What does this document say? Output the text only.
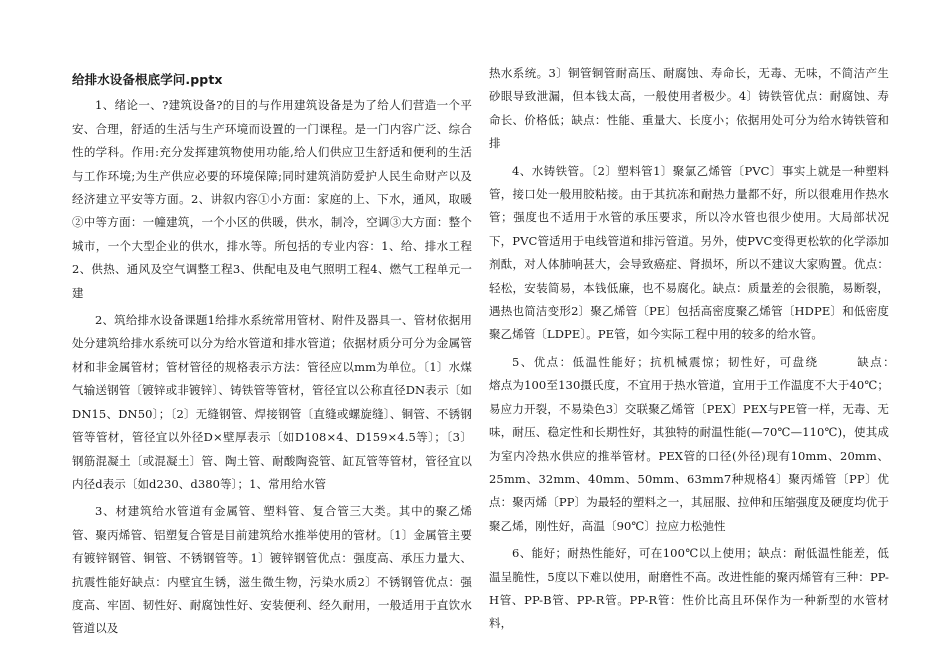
给排水设备根底学问.pptx

1、绪论一、?建筑设备?的目的与作用建筑设备是为了给人们营造一个平安、合理，舒适的生活与生产环境而设置的一门课程。是一门内容广泛、综合性的学科。作用:充分发挥建筑物使用功能,给人们供应卫生舒适和便利的生活与工作环境;为生产供应必要的环境保障;同时建筑消防爱护人民生命财产以及经济建立平安等方面。2、讲叙内容①小方面：家庭的上、下水，通风，取暖②中等方面：一幢建筑，一个小区的供暖，供水，制冷，空调③大方面：整个城市，一个大型企业的供水，排水等。所包括的专业内容：1、给、排水工程2、供热、通风及空气调整工程3、供配电及电气照明工程4、燃气工程单元一建

2、筑给排水设备课题1给排水系统常用管材、附件及器具一、管材依据用处分建筑给排水系统可以分为给水管道和排水管道；依据材质分可分为金属管材和非金属管材；管材管径的规格表示方法：管径应以mm为单位。〔1〕水煤气输送钢管〔镀锌或非镀锌〕、铸铁管等管材，管径宜以公称直径DN表示〔如DN15、DN50〕；〔2〕无缝钢管、焊接钢管〔直缝或螺旋缝〕、铜管、不锈钢管等管材，管径宜以外径D×壁厚表示〔如D108×4、D159×4.5等〕；〔3〕钢筋混凝土〔或混凝土〕管、陶土管、耐酸陶瓷管、缸瓦管等管材，管径宜以内径d表示〔如d230、d380等〕；1、常用给水管

3、材建筑给水管道有金属管、塑料管、复合管三大类。其中的聚乙烯管、聚丙烯管、铝塑复合管是目前建筑给水推举使用的管材。〔1〕金属管主要有镀锌钢管、铜管、不锈钢管等。1〕镀锌钢管优点：强度高、承压力量大、抗震性能好缺点：内壁宜生锈，滋生微生物，污染水质2〕不锈钢管优点：强度高、牢固、韧性好、耐腐蚀性好、安装便利、经久耐用，一般适用于直饮水管道以及

热水系统。3〕铜管铜管耐高压、耐腐蚀、寿命长，无毒、无味，不简洁产生砂眼导致泄漏，但本钱太高，一般使用者极少。4〕铸铁管优点：耐腐蚀、寿命长、价格低；缺点：性能、重量大、长度小；依据用处可分为给水铸铁管和排

4、水铸铁管。〔2〕塑料管1〕聚氯乙烯管〔PVC〕事实上就是一种塑料管，接口处一般用胶粘接。由于其抗冻和耐热力量都不好，所以很难用作热水管；强度也不适用于水管的承压要求，所以冷水管也很少使用。大局部状况下，PVC管适用于电线管道和排污管道。另外，使PVC变得更松软的化学添加剂酞，对人体肺响甚大，会导致癌症、肾损坏，所以不建议大家购置。优点：轻松，安装简易，本钱低廉，也不易腐化。缺点：质量差的会很脆，易断裂，遇热也简洁变形2〕聚乙烯管〔PE〕包括高密度聚乙烯管〔HDPE〕和低密度聚乙烯管〔LDPE〕。PE管，如今实际工程中用的较多的给水管。

5、优点：低温性能好；抗机械震惊；韧性好，可盘绕　　　缺点：　　　熔点为100至130摄氏度，不宜用于热水管道，宜用于工作温度不大于40℃；易应力开裂，不易染色3〕交联聚乙烯管〔PEX〕PEX与PE管一样，无毒、无味，耐压、稳定性和长期性好，其独特的耐温性能(—70℃—110℃)，使其成为室内冷热水供应的推举管材。PEX管的口径(外径)现有10mm、20mm、25mm、32mm、40mm、50mm、63mm7种规格4〕聚丙烯管〔PP〕优点：聚丙烯〔PP〕为最轻的塑料之一，其屈服、拉伸和压缩强度及硬度均优于聚乙烯，刚性好，高温〔90℃〕拉应力松弛性

6、能好；耐热性能好，可在100℃以上使用；缺点：耐低温性能差，低温呈脆性，5度以下难以使用，耐磨性不高。改进性能的聚丙烯管有三种：PP-H管、PP-B管、PP-R管。PP-R管：性价比高且环保作为一种新型的水管材料，
